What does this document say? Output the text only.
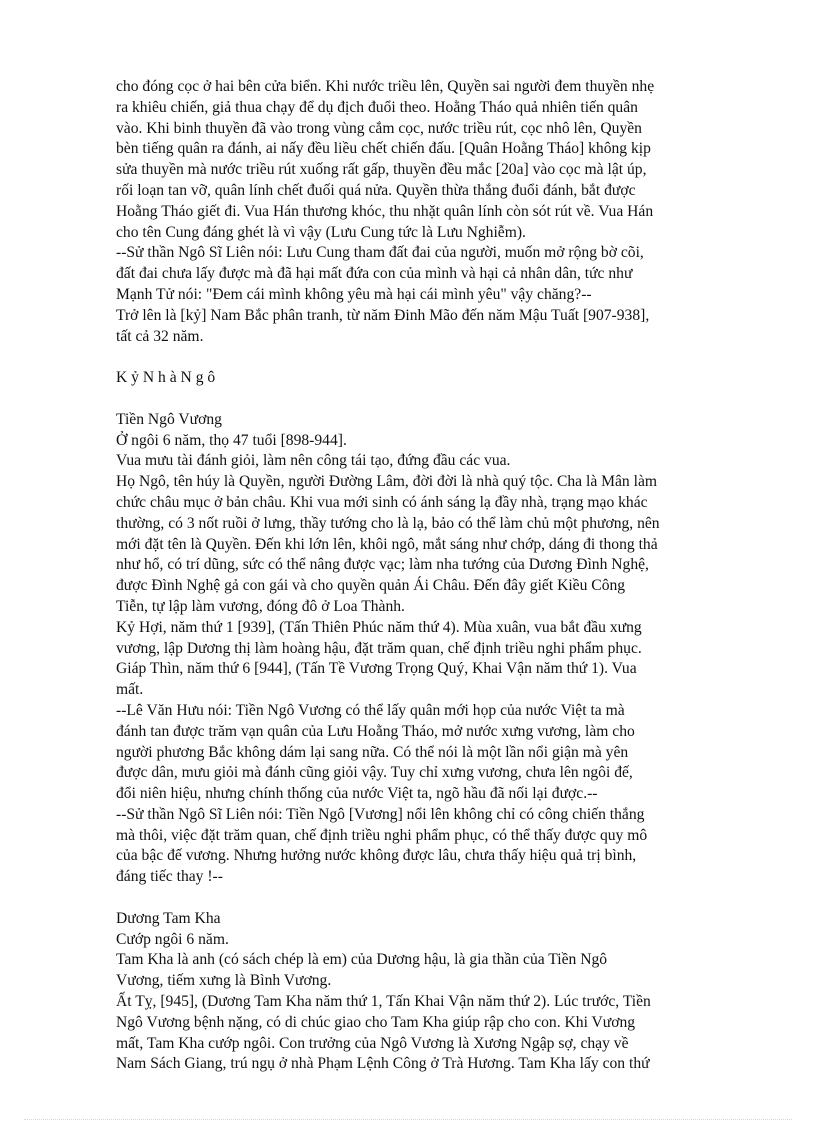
cho đóng cọc ở hai bên cửa biển. Khi nước triều lên, Quyền sai người đem thuyền nhẹ
ra khiêu chiến, giả thua chạy để dụ địch đuổi theo. Hoằng Tháo quả nhiên tiến quân
vào. Khi binh thuyền đã vào trong vùng cắm cọc, nước triều rút, cọc nhô lên, Quyền
bèn tiếng quân ra đánh, ai nấy đều liều chết chiến đấu. [Quân Hoằng Tháo] không kịp
sửa thuyền mà nước triều rút xuống rất gấp, thuyền đều mắc [20a] vào cọc mà lật úp,
rối loạn tan vỡ, quân lính chết đuối quá nửa. Quyền thừa thắng đuổi đánh, bắt được
Hoằng Tháo giết đi. Vua Hán thương khóc, thu nhặt quân lính còn sót rút về. Vua Hán
cho tên Cung đáng ghét là vì vậy (Lưu Cung tức là Lưu Nghiễm).
--Sử thần Ngô Sĩ Liên nói: Lưu Cung tham đất đai của người, muốn mở rộng bờ cõi,
đất đai chưa lấy được mà đã hại mất đứa con của mình và hại cả nhân dân, tức như
Mạnh Tử nói: "Đem cái mình không yêu mà hại cái mình yêu" vậy chăng?--
Trở lên là [kỷ] Nam Bắc phân tranh, từ năm Đinh Mão đến năm Mậu Tuất [907-938],
tất cả 32 năm.
K ỷ N h à N g ô
Tiền Ngô Vương
Ở ngôi 6 năm, thọ 47 tuổi [898-944].
Vua mưu tài đánh giỏi, làm nên công tái tạo, đứng đầu các vua.
Họ Ngô, tên húy là Quyền, người Đường Lâm, đời đời là nhà quý tộc. Cha là Mân làm
chức châu mục ở bản châu. Khi vua mới sinh có ánh sáng lạ đầy nhà, trạng mạo khác
thường, có 3 nốt ruồi ở lưng, thầy tướng cho là lạ, bảo có thể làm chủ một phương, nên
mới đặt tên là Quyền. Đến khi lớn lên, khôi ngô, mắt sáng như chớp, dáng đi thong thả
như hổ, có trí dũng, sức có thể nâng được vạc; làm nha tướng của Dương Đình Nghệ,
được Đình Nghệ gả con gái và cho quyền quản Ái Châu. Đến đây giết Kiều Công
Tiễn, tự lập làm vương, đóng đô ở Loa Thành.
Kỷ Hợi, năm thứ 1 [939], (Tấn Thiên Phúc năm thứ 4). Mùa xuân, vua bắt đầu xưng
vương, lập Dương thị làm hoàng hậu, đặt trăm quan, chế định triều nghi phẩm phục.
Giáp Thìn, năm thứ 6 [944], (Tấn Tề Vương Trọng Quý, Khai Vận năm thứ 1). Vua
mất.
--Lê Văn Hưu nói: Tiền Ngô Vương có thể lấy quân mới họp của nước Việt ta mà
đánh tan được trăm vạn quân của Lưu Hoằng Tháo, mở nước xưng vương, làm cho
người phương Bắc không dám lại sang nữa. Có thể nói là một lần nổi giận mà yên
được dân, mưu giỏi mà đánh cũng giỏi vậy. Tuy chỉ xưng vương, chưa lên ngôi đế,
đổi niên hiệu, nhưng chính thống của nước Việt ta, ngõ hầu đã nối lại được.--
--Sử thần Ngô Sĩ Liên nói: Tiền Ngô [Vương] nổi lên không chỉ có công chiến thắng
mà thôi, việc đặt trăm quan, chế định triều nghi phẩm phục, có thể thấy được quy mô
của bậc đế vương. Nhưng hưởng nước không được lâu, chưa thấy hiệu quả trị bình,
đáng tiếc thay !--
Dương Tam Kha
Cướp ngôi 6 năm.
Tam Kha là anh (có sách chép là em) của Dương hậu, là gia thần của Tiền Ngô
Vương, tiếm xưng là Bình Vương.
Ất Tỵ, [945], (Dương Tam Kha năm thứ 1, Tấn Khai Vận năm thứ 2). Lúc trước, Tiền
Ngô Vương bệnh nặng, có di chúc giao cho Tam Kha giúp rập cho con. Khi Vương
mất, Tam Kha cướp ngôi. Con trưởng của Ngô Vương là Xương Ngập sợ, chạy về
Nam Sách Giang, trú ngụ ở nhà Phạm Lệnh Công ở Trà Hương. Tam Kha lấy con thứ
